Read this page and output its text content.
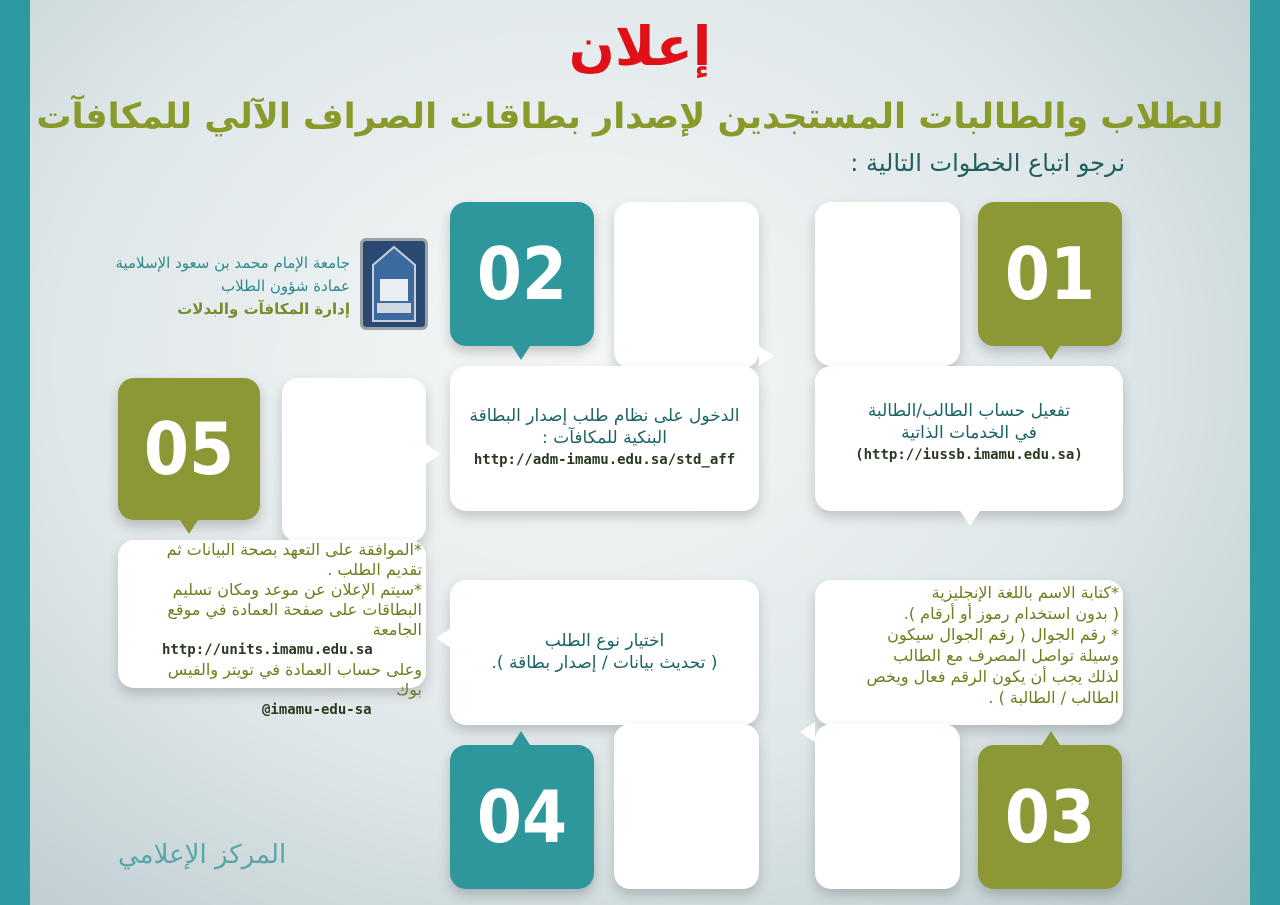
إعلان
للطلاب والطالبات المستجدين لإصدار بطاقات الصراف الآلي للمكافآت
نرجو اتباع الخطوات التالية :
جامعة الإمام محمد بن سعود الإسلامية
عمادة شؤون الطلاب
إدارة المكافآت والبدلات	01
تفعيل حساب الطالب/الطالبة
في الخدمات الذاتية
(http://iussb.imamu.edu.sa)
02
الدخول على نظام طلب إصدار البطاقة
البنكية للمكافآت :
http://adm-imamu.edu.sa/std_aff
05
*الموافقة على التعهد بصحة البيانات ثم
تقديم الطلب .
*سيتم الإعلان عن موعد ومكان تسليم
البطاقات على صفحة العمادة في موقع الجامعة
http://units.imamu.edu.sa
وعلى حساب العمادة في تويتر والفيس
بوك
@imamu-edu-sa
04
اختيار نوع الطلب
( تحديث بيانات / إصدار بطاقة ).
03
*كتابة الاسم باللغة الإنجليزية
( بدون استخدام رموز أو أرقام ).
* رقم الجوال ( رقم الجوال سيكون
وسيلة تواصل المصرف مع الطالب
لذلك يجب أن يكون الرقم فعال ويخص
الطالب / الطالبة ) .
المركز الإعلامي
